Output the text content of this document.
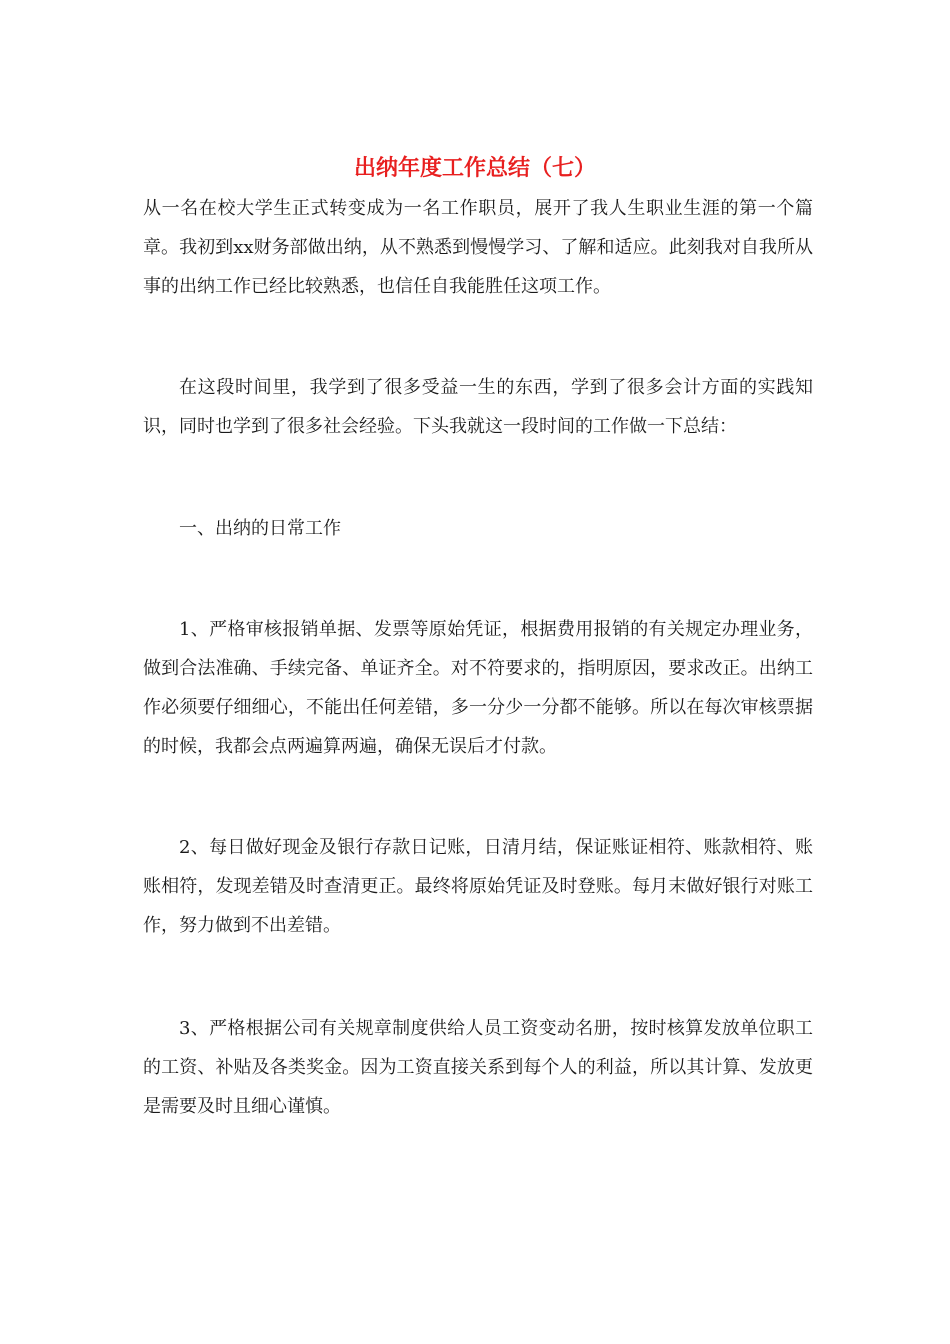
出纳年度工作总结（七）

从一名在校大学生正式转变成为一名工作职员，展开了我人生职业生涯的第一个篇章。我初到xx财务部做出纳，从不熟悉到慢慢学习、了解和适应。此刻我对自我所从事的出纳工作已经比较熟悉，也信任自我能胜任这项工作。

在这段时间里，我学到了很多受益一生的东西，学到了很多会计方面的实践知识，同时也学到了很多社会经验。下头我就这一段时间的工作做一下总结：

一、出纳的日常工作

1、严格审核报销单据、发票等原始凭证，根据费用报销的有关规定办理业务，做到合法准确、手续完备、单证齐全。对不符要求的，指明原因，要求改正。出纳工作必须要仔细细心，不能出任何差错，多一分少一分都不能够。所以在每次审核票据的时候，我都会点两遍算两遍，确保无误后才付款。

2、每日做好现金及银行存款日记账，日清月结，保证账证相符、账款相符、账账相符，发现差错及时查清更正。最终将原始凭证及时登账。每月末做好银行对账工作，努力做到不出差错。

3、严格根据公司有关规章制度供给人员工资变动名册，按时核算发放单位职工的工资、补贴及各类奖金。因为工资直接关系到每个人的利益，所以其计算、发放更是需要及时且细心谨慎。
